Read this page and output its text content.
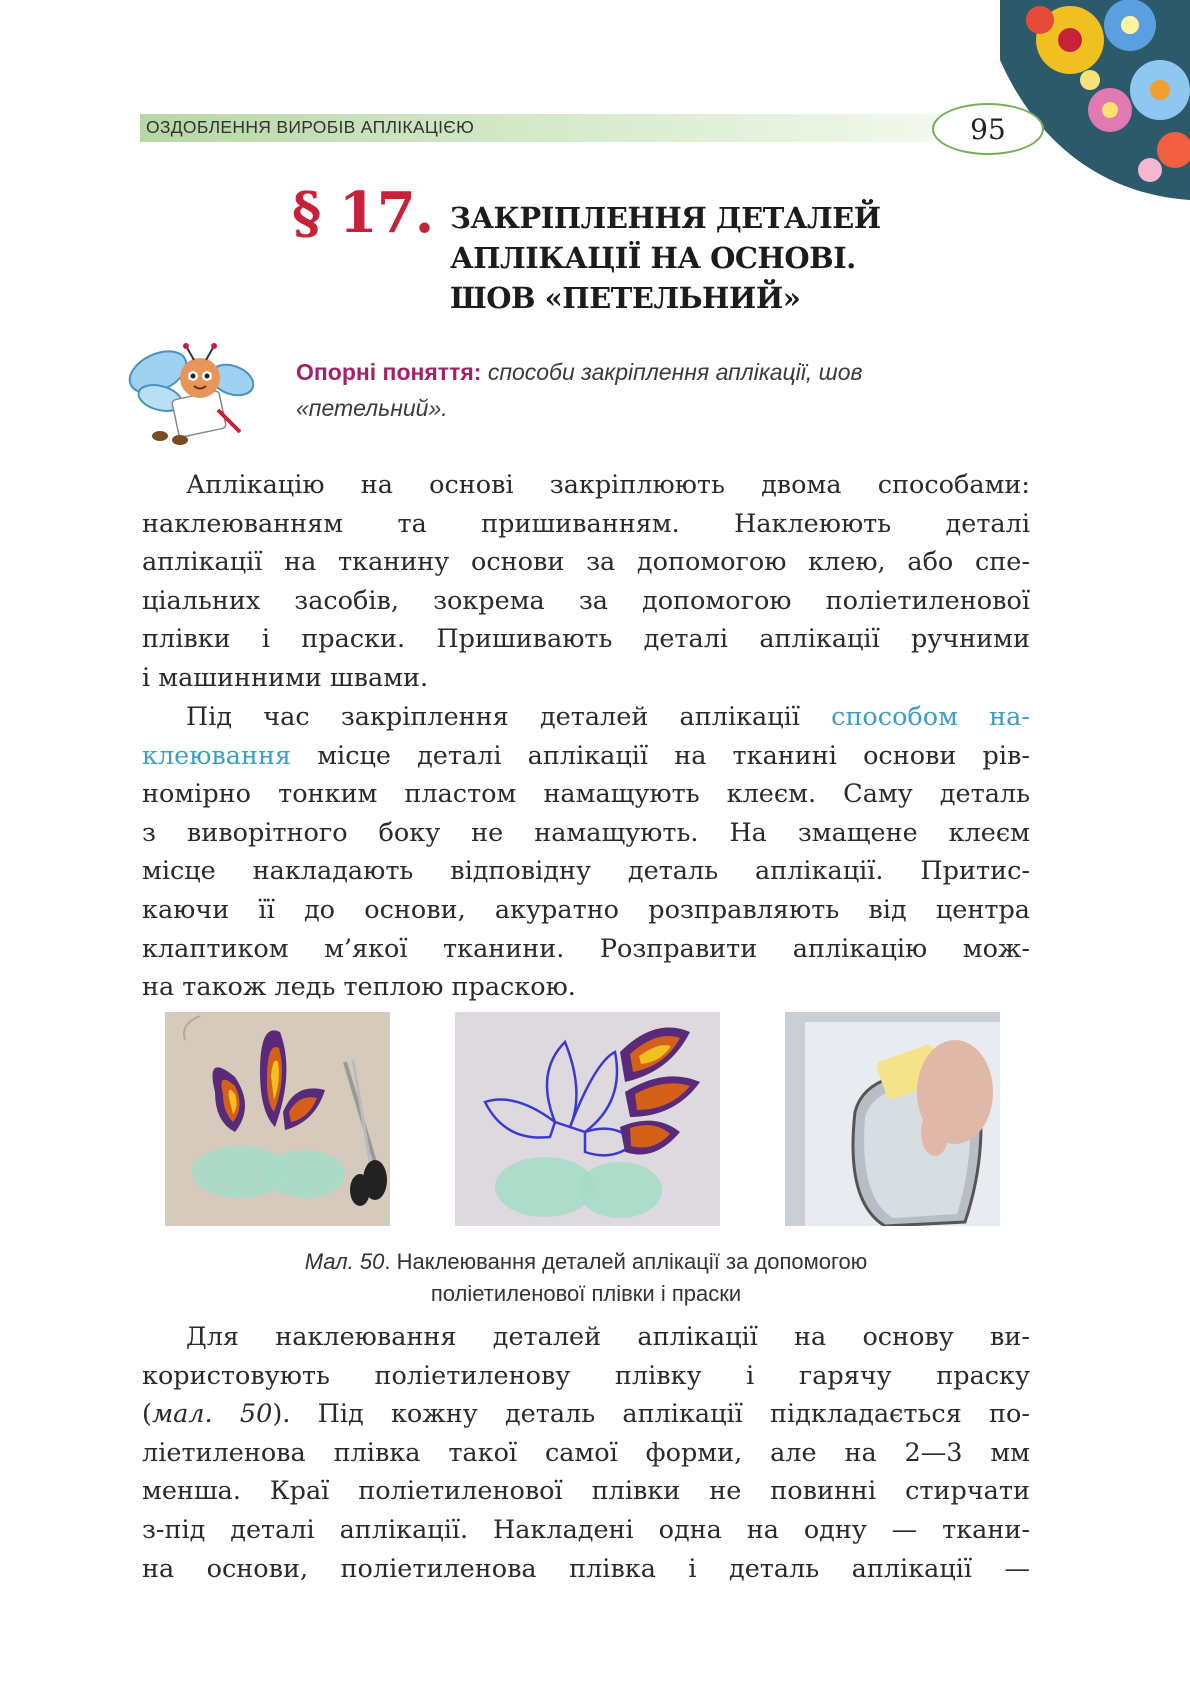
ОЗДОБЛЕННЯ ВИРОБІВ АПЛІКАЦІЄЮ	95
§ 17. ЗАКРІПЛЕННЯ ДЕТАЛЕЙ
АПЛІКАЦІЇ НА ОСНОВІ.
ШОВ «ПЕТЕЛЬНИЙ»
Опорні поняття: способи закріплення аплікації, шов
«петельний».
Аплікацію на основі закріплюють двома способами:
наклеюванням та пришиванням. Наклеюють деталі
аплікації на тканину основи за допомогою клею, або спе-
ціальних засобів, зокрема за допомогою поліетиленової
плівки і праски. Пришивають деталі аплікації ручними
і машинними швами.
Під час закріплення деталей аплікації способом на-
клеювання місце деталі аплікації на тканині основи рів-
номірно тонким пластом намащують клеєм. Саму деталь
з виворітного боку не намащують. На змащене клеєм
місце накладають відповідну деталь аплікації. Притис-
каючи її до основи, акуратно розправляють від центра
клаптиком м’якої тканини. Розправити аплікацію мож-
на також ледь теплою праскою.
Мал. 50. Наклеювання деталей аплікації за допомогою
поліетиленової плівки і праски
Для наклеювання деталей аплікації на основу ви-
користовують поліетиленову плівку і гарячу праску
(мал. 50). Під кожну деталь аплікації підкладається по-
ліетиленова плівка такої самої форми, але на 2—3 мм
менша. Краї поліетиленової плівки не повинні стирчати
з-під деталі аплікації. Накладені одна на одну — ткани-
на основи, поліетиленова плівка і деталь аплікації —
